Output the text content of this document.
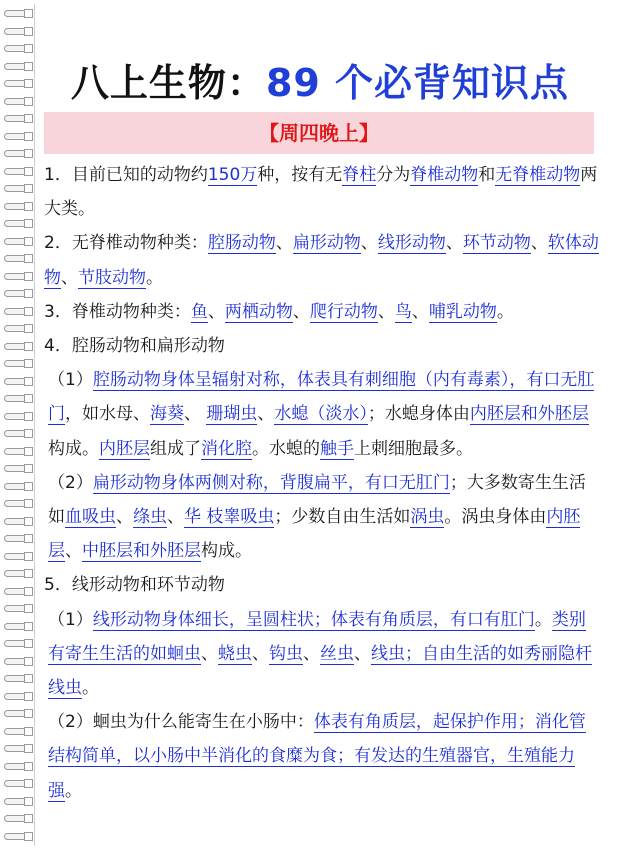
八上生物：89 个必背知识点
【周四晚上】

1．目前已知的动物约150万种，按有无脊柱分为脊椎动物和无脊椎动物两大类。

2．无脊椎动物种类：腔肠动物、扁形动物、线形动物、环节动物、软体动物、节肢动物。

3．脊椎动物种类：鱼、两栖动物、爬行动物、鸟、哺乳动物。

4．腔肠动物和扁形动物

（1）腔肠动物身体呈辐射对称，体表具有刺细胞（内有毒素），有口无肛门，如水母、海葵、 珊瑚虫、水螅（淡水）；水螅身体由内胚层和外胚层构成。内胚层组成了消化腔。水螅的触手上刺细胞最多。

（2）扁形动物身体两侧对称，背腹扁平，有口无肛门；大多数寄生生活如血吸虫、绦虫、华 枝睾吸虫；少数自由生活如涡虫。涡虫身体由内胚层、中胚层和外胚层构成。

5．线形动物和环节动物

（1）线形动物身体细长，呈圆柱状；体表有角质层，有口有肛门。类别有寄生生活的如蛔虫、蛲虫、钩虫、丝虫、线虫；自由生活的如秀丽隐杆线虫。

（2）蛔虫为什么能寄生在小肠中：体表有角质层，起保护作用；消化管结构简单，以小肠中半消化的食糜为食；有发达的生殖器官，生殖能力强。
